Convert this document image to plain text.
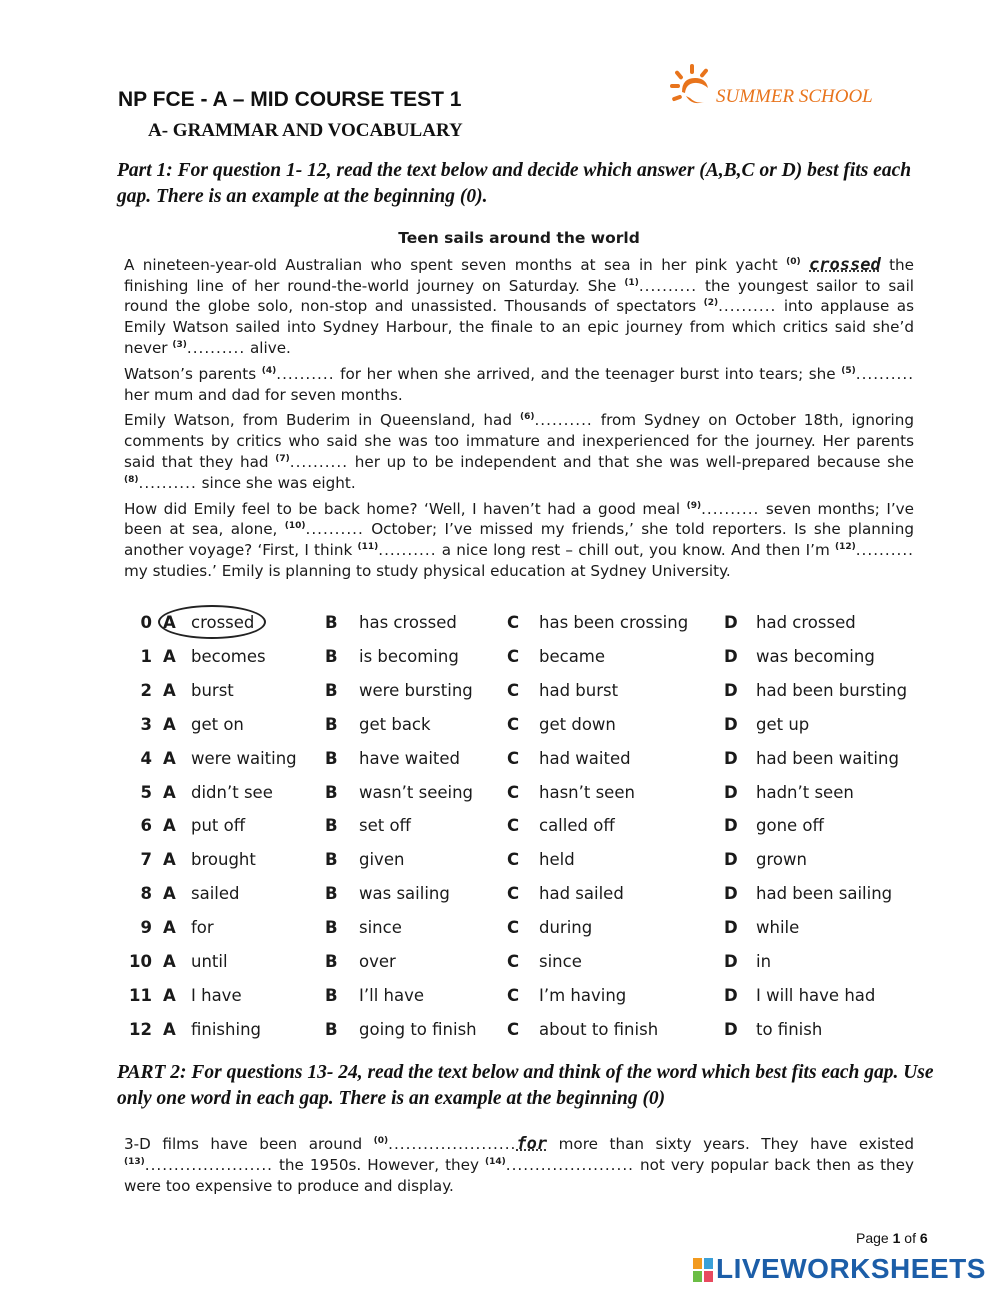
NP FCE - A – MID COURSE TEST 1
A- GRAMMAR AND VOCABULARY
SUMMER SCHOOL
Part 1: For question 1- 12, read the text below and decide which answer (A,B,C or D) best fits each gap. There is an example at the beginning (0).

Teen sails around the world

A nineteen-year-old Australian who spent seven months at sea in her pink yacht $^{(0)}$ crossed the finishing line of her round-the-world journey on Saturday. She $^{(1)}$.......... the youngest sailor to sail round the globe solo, non-stop and unassisted. Thousands of spectators $^{(2)}$.......... into applause as Emily Watson sailed into Sydney Harbour, the finale to an epic journey from which critics said she’d never $^{(3)}$.......... alive.

Watson’s parents $^{(4)}$.......... for her when she arrived, and the teenager burst into tears; she $^{(5)}$.......... her mum and dad for seven months.

Emily Watson, from Buderim in Queensland, had $^{(6)}$.......... from Sydney on October 18th, ignoring comments by critics who said she was too immature and inexperienced for the journey. Her parents said that they had $^{(7)}$.......... her up to be independent and that she was well-prepared because she $^{(8)}$.......... since she was eight.

How did Emily feel to be back home? ‘Well, I haven’t had a good meal $^{(9)}$.......... seven months; I’ve been at sea, alone, $^{(10)}$.......... October; I’ve missed my friends,’ she told reporters. Is she planning another voyage? ‘First, I think $^{(11)}$.......... a nice long rest – chill out, you know. And then I’m $^{(12)}$.......... my studies.’ Emily is planning to study physical education at Sydney University.

0 A crossed	B has crossed	C has been crossing D had crossed
1 A becomes	B is becoming	C became	D was becoming
2 A burst	B were bursting C had burst	D had been bursting
3 A get on	B get back	C get down	D get up
4 A were waiting B have waited	C had waited	D had been waiting
5 A didn’t see	B wasn’t seeing C hasn’t seen	D hadn’t seen
6 A put off	B set off	C called off	D gone off
7 A brought	B given	C held	D grown
8 A sailed	B was sailing	C had sailed	D had been sailing
9 A for	B since	C during	D while
10 A until	B over	C since	D in
11 A I have	B I’ll have	C I’m having	D I will have had
12 A finishing	B going to finish C about to finish	D to finish
PART 2: For questions 13- 24, read the text below and think of the word which best fits each gap. Use only one word in each gap. There is an example at the beginning (0)

3-D films have been around $^{(0)}$......................for more than sixty years. They have existed $^{(13)}$...................... the 1950s. However, they $^{(14)}$...................... not very popular back then as they were too expensive to produce and display.

Page 1 of 6
LIVEWORKSHEETS
